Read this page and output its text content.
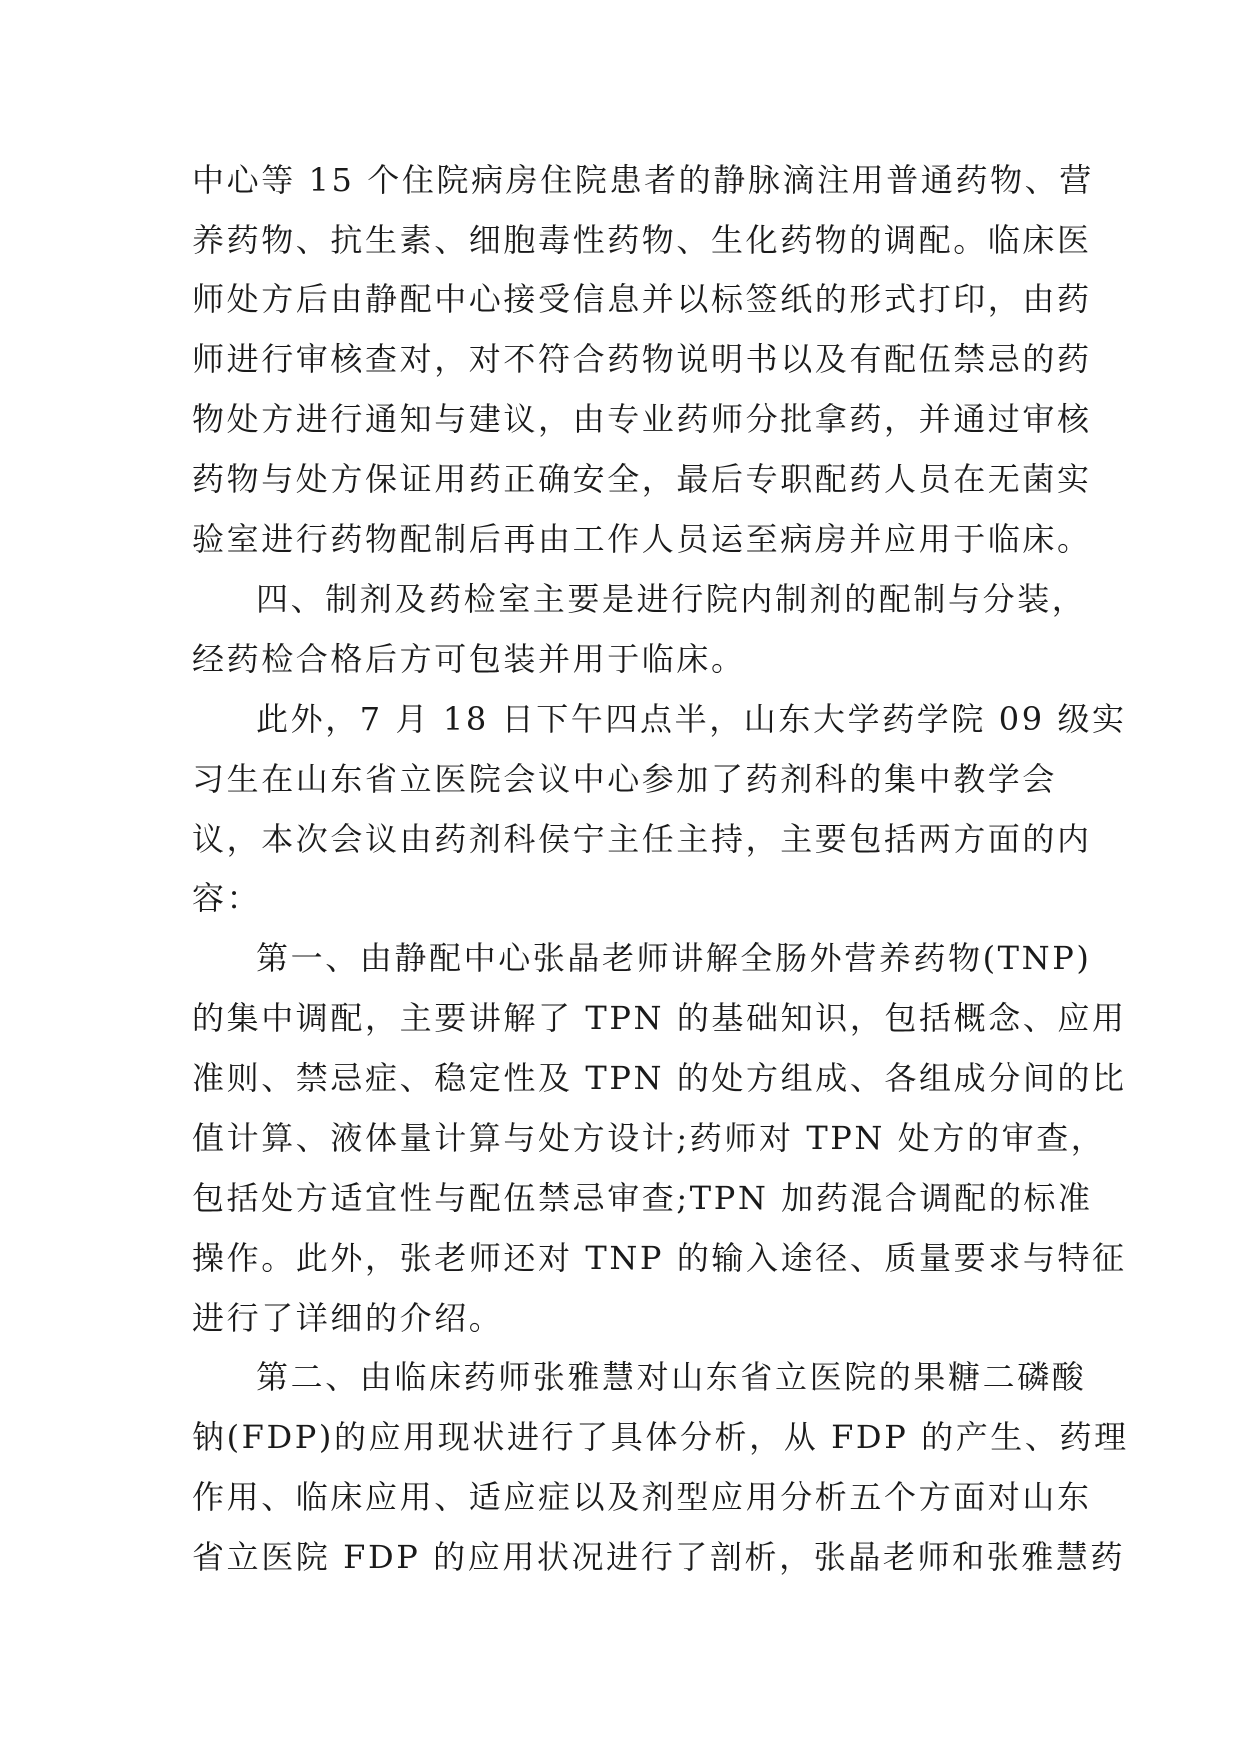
中心等 15 个住院病房住院患者的静脉滴注用普通药物、营
养药物、抗生素、细胞毒性药物、生化药物的调配。临床医
师处方后由静配中心接受信息并以标签纸的形式打印，由药
师进行审核查对，对不符合药物说明书以及有配伍禁忌的药
物处方进行通知与建议，由专业药师分批拿药，并通过审核
药物与处方保证用药正确安全，最后专职配药人员在无菌实
验室进行药物配制后再由工作人员运至病房并应用于临床。
四、制剂及药检室主要是进行院内制剂的配制与分装，
经药检合格后方可包装并用于临床。
此外，7 月 18 日下午四点半，山东大学药学院 09 级实
习生在山东省立医院会议中心参加了药剂科的集中教学会
议，本次会议由药剂科侯宁主任主持，主要包括两方面的内
容：
第一、由静配中心张晶老师讲解全肠外营养药物(TNP)
的集中调配，主要讲解了 TPN 的基础知识，包括概念、应用
准则、禁忌症、稳定性及 TPN 的处方组成、各组成分间的比
值计算、液体量计算与处方设计;药师对 TPN 处方的审查，
包括处方适宜性与配伍禁忌审查;TPN 加药混合调配的标准
操作。此外，张老师还对 TNP 的输入途径、质量要求与特征
进行了详细的介绍。
第二、由临床药师张雅慧对山东省立医院的果糖二磷酸
钠(FDP)的应用现状进行了具体分析，从 FDP 的产生、药理
作用、临床应用、适应症以及剂型应用分析五个方面对山东
省立医院 FDP 的应用状况进行了剖析，张晶老师和张雅慧药
